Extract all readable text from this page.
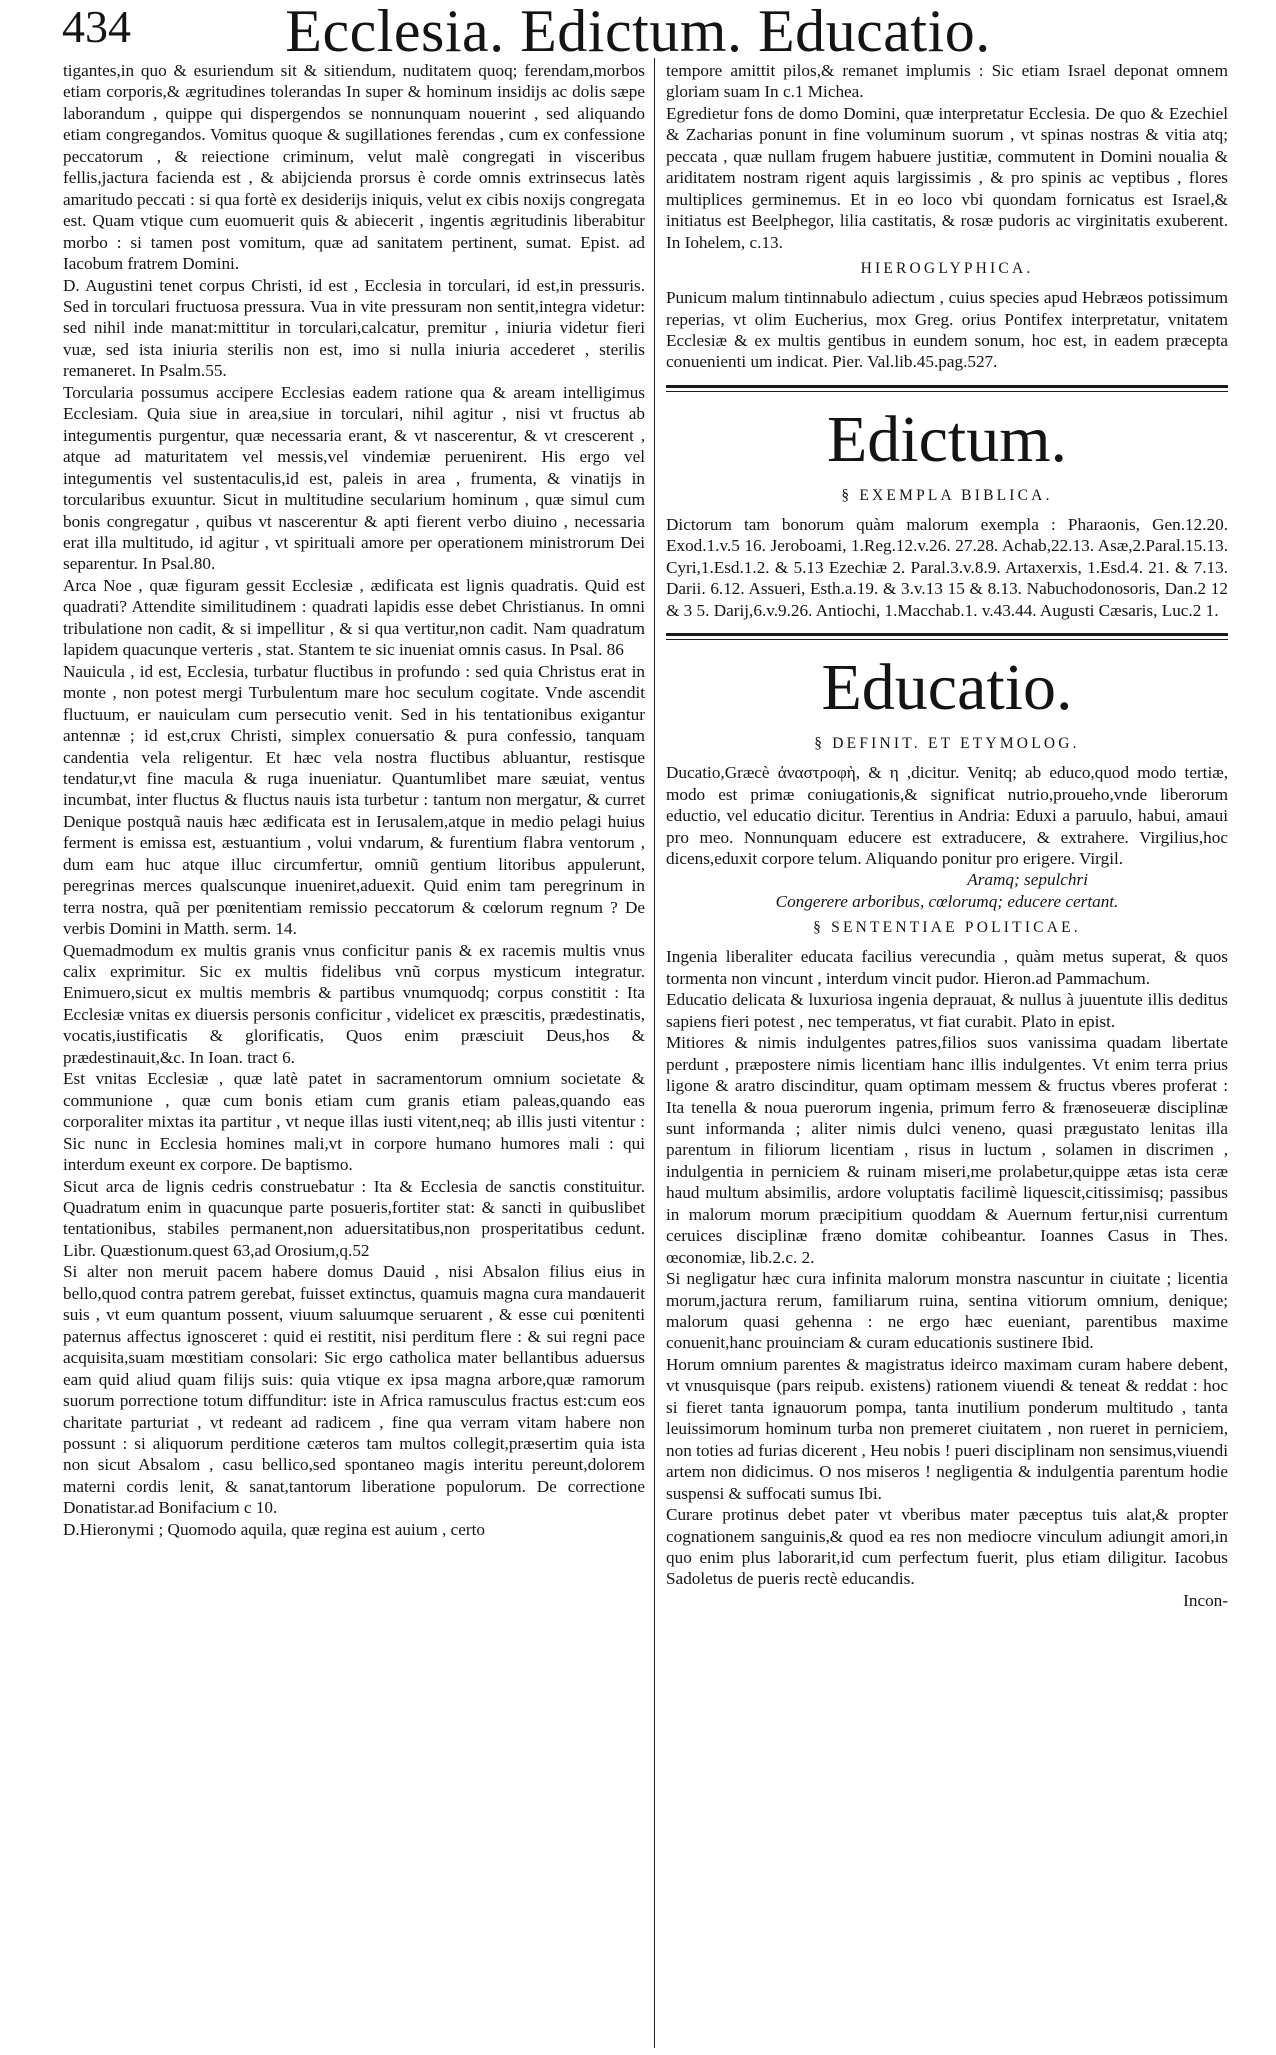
434	Ecclesia. Edictum. Educatio.

tigantes,in quo & esuriendum sit & sitiendum, nuditatem quoq; ferendam,morbos etiam corporis,& ægritudines tolerandas In super & hominum insidijs ac dolis sæpe laborandum , quippe qui dispergendos se nonnunquam nouerint , sed aliquando etiam congregandos. Vomitus quoque & sugillationes ferendas , cum ex confessione peccatorum , & reiectione criminum, velut malè congregati in visceribus fellis,jactura facienda est , & abijcienda prorsus è corde omnis extrinsecus latès amaritudo peccati : si qua fortè ex desiderijs iniquis, velut ex cibis noxijs congregata est. Quam vtique cum euomuerit quis & abiecerit , ingentis ægritudinis liberabitur morbo : si tamen post vomitum, quæ ad sanitatem pertinent, sumat. Epist. ad Iacobum fratrem Domini.

D. Augustini tenet corpus Christi, id est , Ecclesia in torculari, id est,in pressuris. Sed in torculari fructuosa pressura. Vua in vite pressuram non sentit,integra videtur: sed nihil inde manat:mittitur in torculari,calcatur, premitur , iniuria videtur fieri vuæ, sed ista iniuria sterilis non est, imo si nulla iniuria accederet , sterilis remaneret. In Psalm.55.

Torcularia possumus accipere Ecclesias eadem ratione qua & aream intelligimus Ecclesiam. Quia siue in area,siue in torculari, nihil agitur , nisi vt fructus ab integumentis purgentur, quæ necessaria erant, & vt nascerentur, & vt crescerent , atque ad maturitatem vel messis,vel vindemiæ peruenirent. His ergo vel integumentis vel sustentaculis,id est, paleis in area , frumenta, & vinatijs in torcularibus exuuntur. Sicut in multitudine secularium hominum , quæ simul cum bonis congregatur , quibus vt nascerentur & apti fierent verbo diuino , necessaria erat illa multitudo, id agitur , vt spirituali amore per operationem ministrorum Dei separentur. In Psal.80.

Arca Noe , quæ figuram gessit Ecclesiæ , ædificata est lignis quadratis. Quid est quadrati? Attendite similitudinem : quadrati lapidis esse debet Christianus. In omni tribulatione non cadit, & si impellitur , & si qua vertitur,non cadit. Nam quadratum lapidem quacunque verteris , stat. Stantem te sic inueniat omnis casus. In Psal. 86

Nauicula , id est, Ecclesia, turbatur fluctibus in profundo : sed quia Christus erat in monte , non potest mergi Turbulentum mare hoc seculum cogitate. Vnde ascendit fluctuum, er nauiculam cum persecutio venit. Sed in his tentationibus exigantur antennæ ; id est,crux Christi, simplex conuersatio & pura confessio, tanquam candentia vela religentur. Et hæc vela nostra fluctibus abluantur, restisque tendatur,vt fine macula & ruga inueniatur. Quantumlibet mare sæuiat, ventus incumbat, inter fluctus & fluctus nauis ista turbetur : tantum non mergatur, & curret Denique postquã nauis hæc ædificata est in Ierusalem,atque in medio pelagi huius ferment is emissa est, æstuantium , volui vndarum, & furentium flabra ventorum , dum eam huc atque illuc circumfertur, omniũ gentium litoribus appulerunt, peregrinas merces qualscunque inueniret,aduexit. Quid enim tam peregrinum in terra nostra, quã per pœnitentiam remissio peccatorum & cœlorum regnum ? De verbis Domini in Matth. serm. 14.

Quemadmodum ex multis granis vnus conficitur panis & ex racemis multis vnus calix exprimitur. Sic ex multis fidelibus vnũ corpus mysticum integratur. Enimuero,sicut ex multis membris & partibus vnumquodq; corpus constitit : Ita Ecclesiæ vnitas ex diuersis personis conficitur , videlicet ex præscitis, prædestinatis, vocatis,iustificatis & glorificatis, Quos enim præsciuit Deus,hos & prædestinauit,&c. In Ioan. tract 6.

Est vnitas Ecclesiæ , quæ latè patet in sacramentorum omnium societate & communione , quæ cum bonis etiam cum granis etiam paleas,quando eas corporaliter mixtas ita partitur , vt neque illas iusti vitent,neq; ab illis justi vitentur : Sic nunc in Ecclesia homines mali,vt in corpore humano humores mali : qui interdum exeunt ex corpore. De baptismo.

Sicut arca de lignis cedris construebatur : Ita & Ecclesia de sanctis constituitur. Quadratum enim in quacunque parte posueris,fortiter stat: & sancti in quibuslibet tentationibus, stabiles permanent,non aduersitatibus,non prosperitatibus cedunt. Libr. Quæstionum.quest 63,ad Orosium,q.52

Si alter non meruit pacem habere domus Dauid , nisi Absalon filius eius in bello,quod contra patrem gerebat, fuisset extinctus, quamuis magna cura mandauerit suis , vt eum quantum possent, viuum saluumque seruarent , & esse cui pœnitenti paternus affectus ignosceret : quid ei restitit, nisi perditum flere : & sui regni pace acquisita,suam mœstitiam consolari: Sic ergo catholica mater bellantibus aduersus eam quid aliud quam filijs suis: quia vtique ex ipsa magna arbore,quæ ramorum suorum porrectione totum diffunditur: iste in Africa ramusculus fractus est:cum eos charitate parturiat , vt redeant ad radicem , fine qua verram vitam habere non possunt : si aliquorum perditione cæteros tam multos collegit,præsertim quia ista non sicut Absalom , casu bellico,sed spontaneo magis interitu pereunt,dolorem materni cordis lenit, & sanat,tantorum liberatione populorum. De correctione Donatistar.ad Bonifacium c 10.

D.Hieronymi ; Quomodo aquila, quæ regina est auium , certo

tempore amittit pilos,& remanet implumis : Sic etiam Israel deponat omnem gloriam suam In c.1 Michea.

Egredietur fons de domo Domini, quæ interpretatur Ecclesia. De quo & Ezechiel & Zacharias ponunt in fine voluminum suorum , vt spinas nostras & vitia atq; peccata , quæ nullam frugem habuere justitiæ, commutent in Domini noualia & ariditatem nostram rigent aquis largissimis , & pro spinis ac veptibus , flores multiplices germinemus. Et in eo loco vbi quondam fornicatus est Israel,& initiatus est Beelphegor, lilia castitatis, & rosæ pudoris ac virginitatis exuberent. In Iohelem, c.13.

HIEROGLYPHICA.

Punicum malum tintinnabulo adiectum , cuius species apud Hebræos potissimum reperias, vt olim Eucherius, mox Greg. orius Pontifex interpretatur, vnitatem Ecclesiæ & ex multis gentibus in eundem sonum, hoc est, in eadem præcepta conuenienti um indicat. Pier. Val.lib.45.pag.527.

Edictum.
§ EXEMPLA BIBLICA.

Dictorum tam bonorum quàm malorum exempla : Pharaonis, Gen.12.20. Exod.1.v.5 16. Jeroboami, 1.Reg.12.v.26. 27.28. Achab,22.13. Asæ,2.Paral.15.13. Cyri,1.Esd.1.2. & 5.13 Ezechiæ 2. Paral.3.v.8.9. Artaxerxis, 1.Esd.4. 21. & 7.13. Darii. 6.12. Assueri, Esth.a.19. & 3.v.13 15 & 8.13. Nabuchodonosoris, Dan.2 12 & 3 5. Darij,6.v.9.26. Antiochi, 1.Macchab.1. v.43.44. Augusti Cæsaris, Luc.2 1.

Educatio.
§ DEFINIT. ET ETYMOLOG.

Ducatio,Græcè ἀναστροφὴ, & η ,dicitur. Venitq; ab educo,quod modo tertiæ, modo est primæ coniugationis,& significat nutrio,proueho,vnde liberorum eductio, vel educatio dicitur. Terentius in Andria: Eduxi a paruulo, habui, amaui pro meo. Nonnunquam educere est extraducere, & extrahere. Virgilius,hoc dicens,eduxit corpore telum. Aliquando ponitur pro erigere. Virgil.

Aramq; sepulchri
Congerere arboribus, cœlorumq; educere certant.
§ SENTENTIAE POLITICAE.

Ingenia liberaliter educata facilius verecundia , quàm metus superat, & quos tormenta non vincunt , interdum vincit pudor. Hieron.ad Pammachum.

Educatio delicata & luxuriosa ingenia deprauat, & nullus à juuentute illis deditus sapiens fieri potest , nec temperatus, vt fiat curabit. Plato in epist.

Mitiores & nimis indulgentes patres,filios suos vanissima quadam libertate perdunt , præpostere nimis licentiam hanc illis indulgentes. Vt enim terra prius ligone & aratro discinditur, quam optimam messem & fructus vberes proferat : Ita tenella & noua puerorum ingenia, primum ferro & frænoseueræ disciplinæ sunt informanda ; aliter nimis dulci veneno, quasi prægustato lenitas illa parentum in filiorum licentiam , risus in luctum , solamen in discrimen , indulgentia in perniciem & ruinam miseri,me prolabetur,quippe ætas ista ceræ haud multum absimilis, ardore voluptatis facilimè liquescit,citissimisq; passibus in malorum morum præcipitium quoddam & Auernum fertur,nisi currentum ceruices disciplinæ fræno domitæ cohibeantur. Ioannes Casus in Thes. œconomiæ, lib.2.c. 2.

Si negligatur hæc cura infinita malorum monstra nascuntur in ciuitate ; licentia morum,jactura rerum, familiarum ruina, sentina vitiorum omnium, denique; malorum quasi gehenna : ne ergo hæc eueniant, parentibus maxime conuenit,hanc prouinciam & curam educationis sustinere Ibid.

Horum omnium parentes & magistratus ideirco maximam curam habere debent, vt vnusquisque (pars reipub. existens) rationem viuendi & teneat & reddat : hoc si fieret tanta ignauorum pompa, tanta inutilium ponderum multitudo , tanta leuissimorum hominum turba non premeret ciuitatem , non rueret in perniciem, non toties ad furias dicerent , Heu nobis ! pueri disciplinam non sensimus,viuendi artem non didicimus. O nos miseros ! negligentia & indulgentia parentum hodie suspensi & suffocati sumus Ibi.

Curare protinus debet pater vt vberibus mater pæceptus tuis alat,& propter cognationem sanguinis,& quod ea res non mediocre vinculum adiungit amori,in quo enim plus laborarit,id cum perfectum fuerit, plus etiam diligitur. Iacobus Sadoletus de pueris rectè educandis.

Incon-
